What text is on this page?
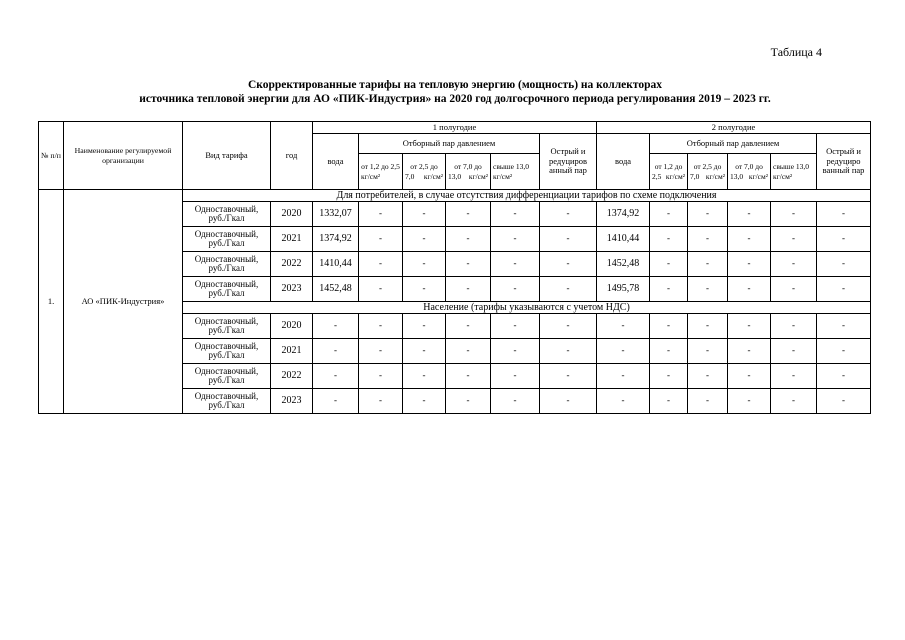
Таблица 4
Скорректированные тарифы на тепловую энергию (мощность) на коллекторах
источника тепловой энергии для АО «ПИК-Индустрия» на 2020 год долгосрочного периода регулирования 2019 – 2023 гг.
№ п/п	Наименование регулируемой организации	Вид тарифа	год	1 полугодие						2 полугодие					
				вода	Отборный пар давлением				Острый и редуциров анный пар	вода	Отборный пар давлением				Острый и редуциро ванный пар
					от 1,2 до 2,5 кг/см²	от 2,5 до 7,0 кг/см²	от 7,0 до 13,0 кг/см²	свыше 13,0 кг/см²			от 1,2 до 2,5 кг/см²	от 2,5 до 7,0 кг/см²	от 7,0 до 13,0 кг/см²	свыше 13,0 кг/см²	
1.	АО «ПИК-Индустрия»	Для потребителей, в случае отсутствия дифференциации тарифов по схеме подключения													
		Одноставочный, руб./Гкал	2020	1332,07	-	-	-	-	-	1374,92	-	-	-	-	-
		Одноставочный, руб./Гкал	2021	1374,92	-	-	-	-	-	1410,44	-	-	-	-	-
		Одноставочный, руб./Гкал	2022	1410,44	-	-	-	-	-	1452,48	-	-	-	-	-
		Одноставочный, руб./Гкал	2023	1452,48	-	-	-	-	-	1495,78	-	-	-	-	-
		Население (тарифы указываются с учетом НДС)													
		Одноставочный, руб./Гкал	2020	-	-	-	-	-	-	-	-	-	-	-	-
		Одноставочный, руб./Гкал	2021	-	-	-	-	-	-	-	-	-	-	-	-
		Одноставочный, руб./Гкал	2022	-	-	-	-	-	-	-	-	-	-	-	-
		Одноставочный, руб./Гкал	2023	-	-	-	-	-	-	-	-	-	-	-	-
